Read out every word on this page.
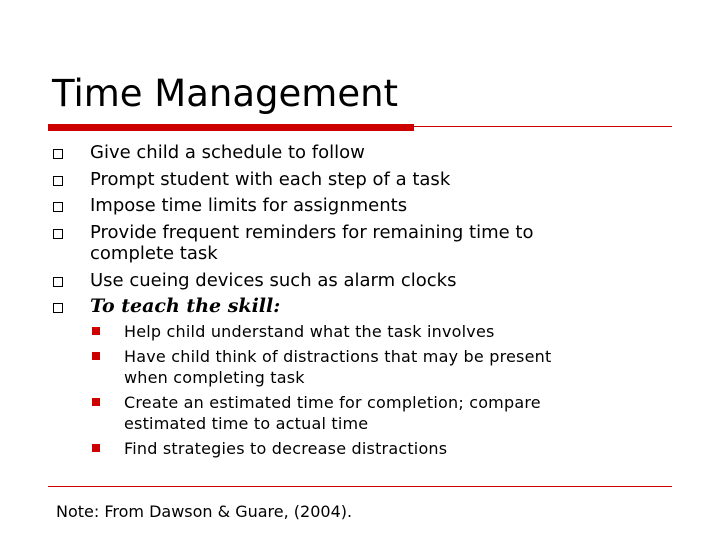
Time Management
Give child a schedule to follow
Prompt student with each step of a task
Impose time limits for assignments
Provide frequent reminders for remaining time to
complete task
Use cueing devices such as alarm clocks
To teach the skill:
Help child understand what the task involves
Have child think of distractions that may be present
when completing task
Create an estimated time for completion; compare
estimated time to actual time
Find strategies to decrease distractions
Note: From Dawson & Guare, (2004).
